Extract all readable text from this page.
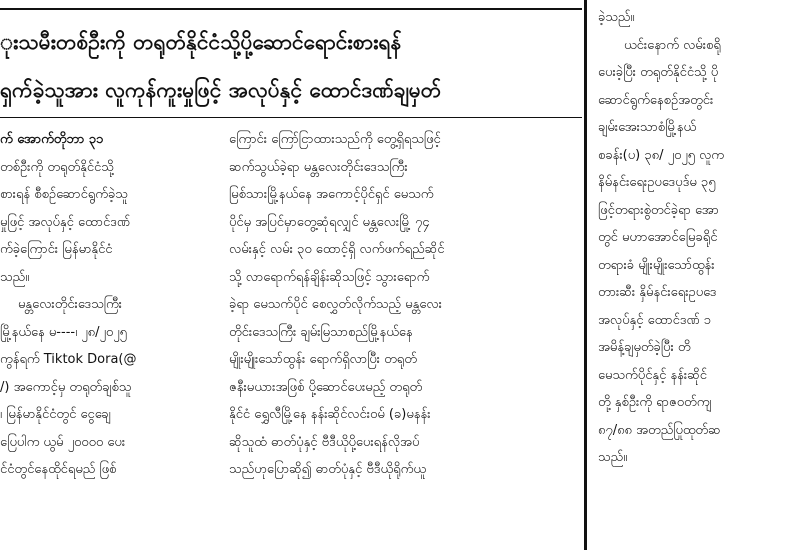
ုးသမီးတစ်ဦးကို တရုတ်နိုင်ငံသို့ပို့ဆောင်ရောင်းစားရန်
ရှက်ခဲ့သူအား လူကုန်ကူးမှုဖြင့် အလုပ်နှင့် ထောင်ဒဏ်ချမှတ်
က် အောက်တိုဘာ ၃၁
တစ်ဦးကို တရုတ်နိုင်ငံသို့
စားရန် စီစဉ်ဆောင်ရွက်ခဲ့သူ
မှုဖြင့် အလုပ်နှင့် ထောင်ဒဏ်
က်ခဲ့ကြောင်း မြန်မာနိုင်ငံ
သည်။
မန္တလေးတိုင်းဒေသကြီး
မြို့နယ်နေ မ----၊ ၂၈/၂၀၂၅
ကွန်ရက် Tiktok Dora(@
/) အကောင့်မှ တရုတ်ချစ်သူ
၊ မြန်မာနိုင်ငံတွင် ငွေချေ
ပြေပါက ယွမ် ၂၀၀၀၀ ပေး
င်ငံတွင်နေထိုင်ရမည် ဖြစ်
ကြောင်း ကြော်ငြာထားသည်ကို တွေ့ရှိရသဖြင့်
ဆက်သွယ်ခဲ့ရာ မန္တလေးတိုင်းဒေသကြီး
မြစ်သားမြို့နယ်နေ အကောင့်ပိုင်ရှင် မေသက်
ပိုင်မှ အပြင်မှာတွေ့ဆုံရလျှင် မန္တလေးမြို့ ၇၄
လမ်းနှင့် လမ်း ၃၀ ထောင့်ရှိ လက်ဖက်ရည်ဆိုင်
သို့ လာရောက်ရန်ချိန်းဆိုသဖြင့် သွားရောက်
ခဲ့ရာ မေသက်ပိုင် စေလွှတ်လိုက်သည့် မန္တလေး
တိုင်းဒေသကြီး ချမ်းမြသာစည်မြို့နယ်နေ
မျိုးမျိုးသော်ထွန်း ရောက်ရှိလာပြီး တရုတ်
ဇနီးမယားအဖြစ် ပို့ဆောင်ပေးမည့် တရုတ်
နိုင်ငံ ရွှေလီမြို့နေ နန်းဆိုင်လင်း၀မ် (ခ)မနန်း
ဆိုသူထံ ဓာတ်ပုံနှင့် ဗီဒီယိုပို့ပေးရန်လိုအပ်
သည်ဟုပြောဆို၍ ဓာတ်ပုံနှင့် ဗီဒီယိုရိုက်ယူ
ခဲ့သည်။
ယင်းနောက် လမ်းစရို
ပေးခဲ့ပြီး တရုတ်နိုင်ငံသို့ ပို
ဆောင်ရွက်နေစဉ်အတွင်း
ချမ်းအေးသာစံမြို့နယ်
စခန်း(ပ) ၃၈/ ၂၀၂၅ လူက
နိမ်နင်းရေးဥပဒေပုဒ်မ ၃၅
ဖြင့်တရားစွဲတင်ခဲ့ရာ အော
တွင် မဟာအောင်မြေခရိုင်
တရားခံ မျိုးမျိုးသော်ထွန်း
တားဆီး နှိမ်နင်းရေးဥပဒေ
အလုပ်နှင့် ထောင်ဒဏ် ၁
အမိန့်ချမှတ်ခဲ့ပြီး တိ
မေသက်ပိုင်နှင့် နန်းဆိုင်
တို့ နှစ်ဦးကို ရာဇ၀တ်ကျ
၈၇/၈၈ အတည်ပြုထုတ်ဆ
သည်။
